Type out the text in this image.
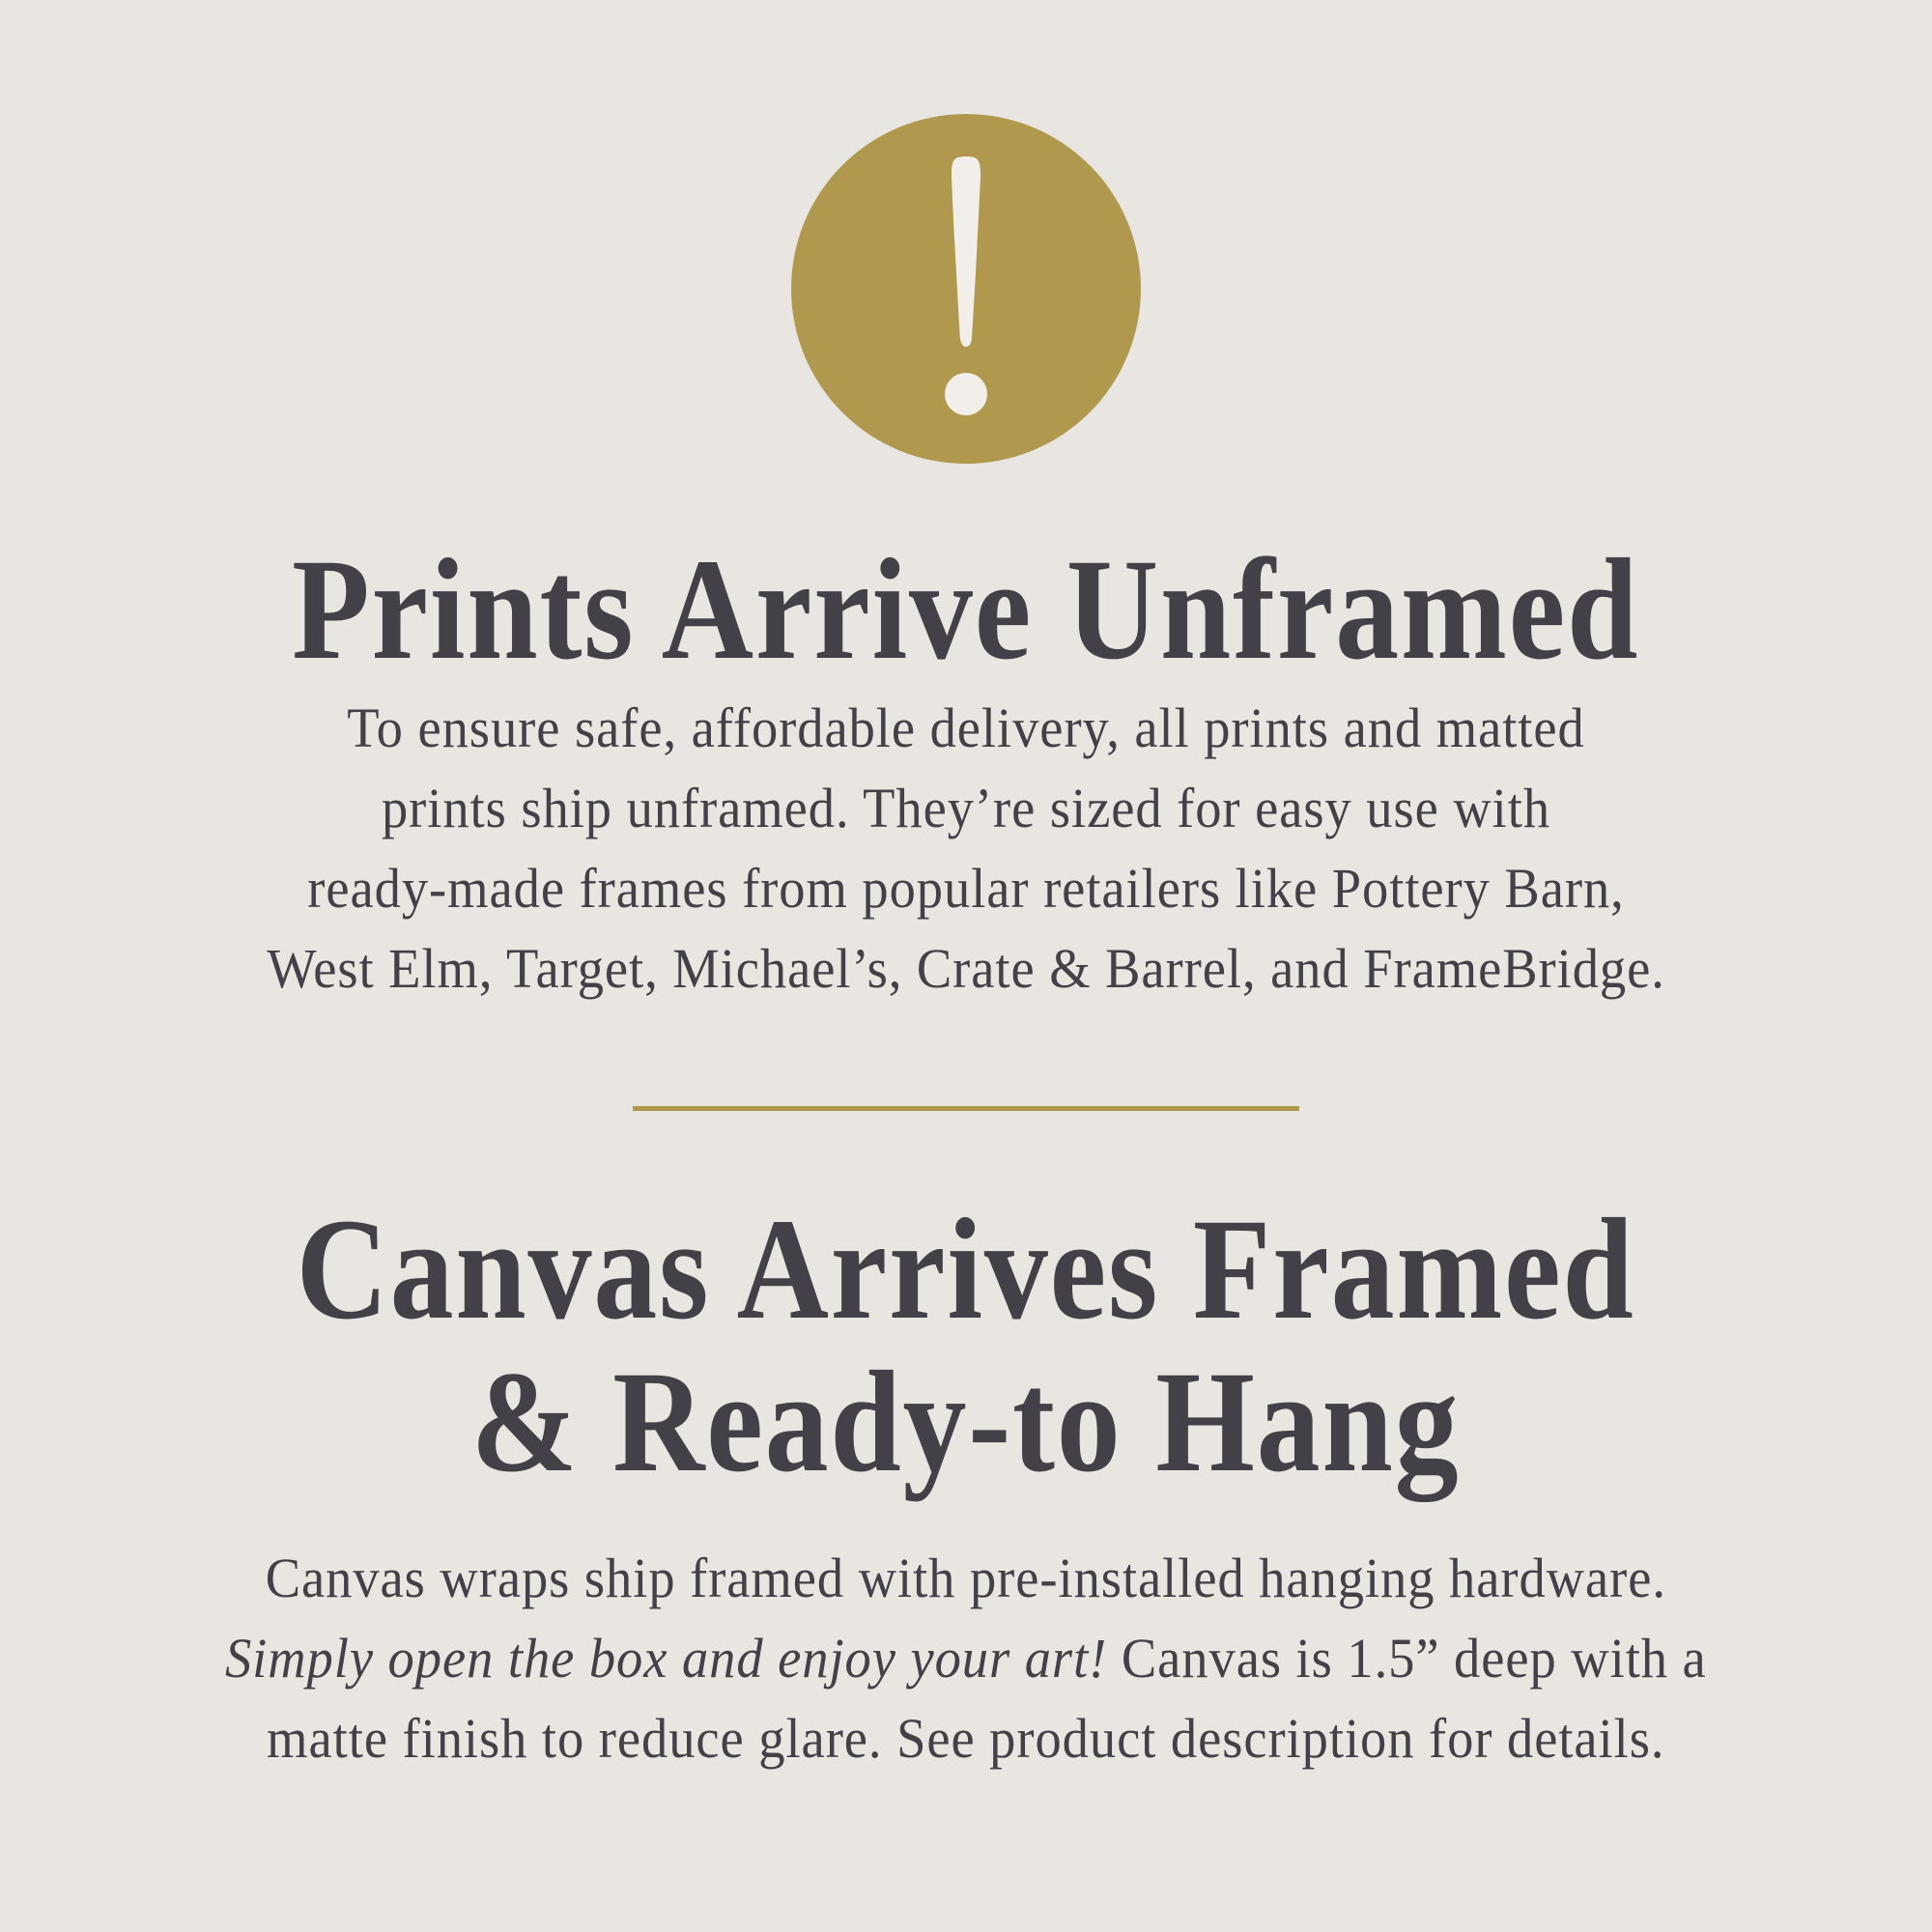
Prints Arrive Unframed
To ensure safe, affordable delivery, all prints and matted
prints ship unframed. They’re sized for easy use with
ready-made frames from popular retailers like Pottery Barn,
West Elm, Target, Michael’s, Crate & Barrel, and FrameBridge.
Canvas Arrives Framed
& Ready-to Hang
Canvas wraps ship framed with pre-installed hanging hardware.
Simply open the box and enjoy your art! Canvas is 1.5” deep with a
matte finish to reduce glare. See product description for details.
